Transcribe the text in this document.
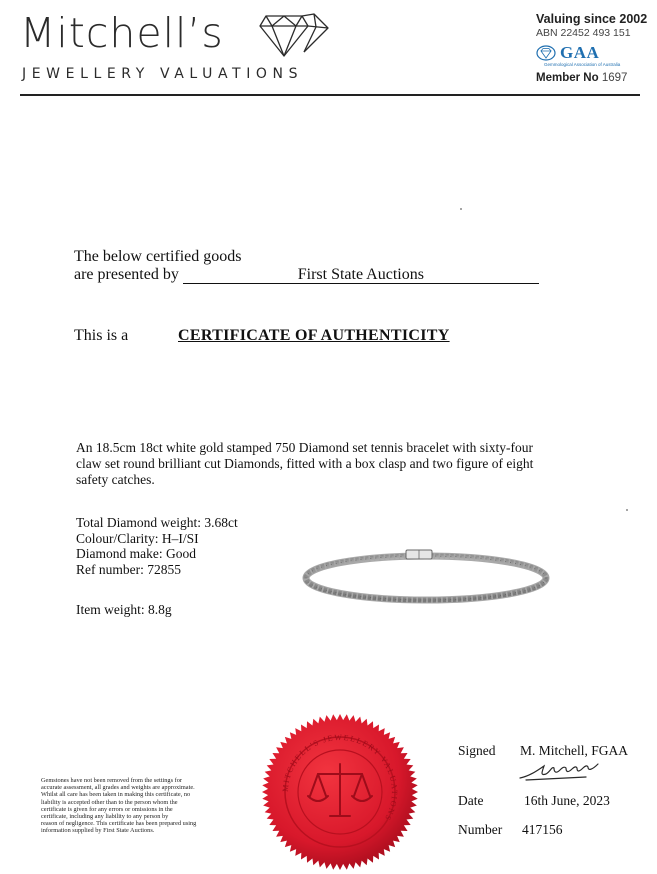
Mitchell’s
JEWELLERY VALUATIONS
Valuing since 2002
ABN 22452 493 151
GAA
Gemmological Association of Australia
Member No 1697
The below certified goods
are presented by	First State Auctions
This is a	CERTIFICATE OF AUTHENTICITY
An 18.5cm 18ct white gold stamped 750 Diamond set tennis bracelet with sixty-four
claw set round brilliant cut Diamonds, fitted with a box clasp and two figure of eight
safety catches.
Total Diamond weight: 3.68ct
Colour/Clarity: H–I/SI
Diamond make: Good
Ref number: 72855
Item weight: 8.8g
Gemstones have not been removed from the settings for
accurate assessment, all grades and weights are approximate.
Whilst all care has been taken in making this certificate, no
liability is accepted other than to the person whom the
certificate is given for any errors or omissions in the
certificate, including any liability to any person by
reason of negligence. This certificate has been prepared using
information supplied by First State Auctions.
MITCHELL'S JEWELLERY VALUATIONS
Signed M. Mitchell, FGAA
Date	16th June, 2023
Number 417156
